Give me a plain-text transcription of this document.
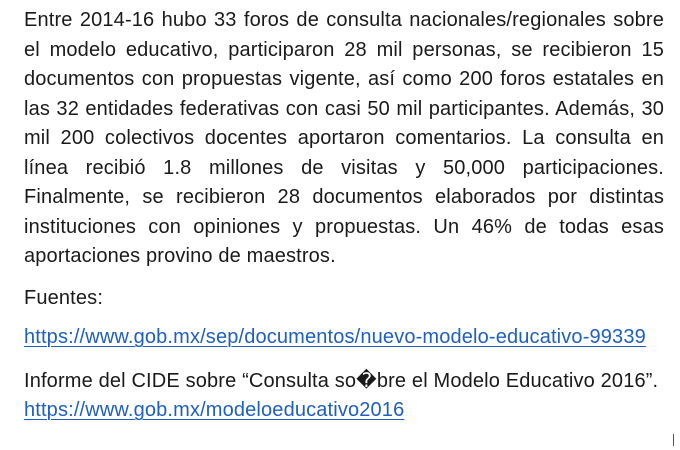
Entre 2014-16 hubo 33 foros de consulta nacionales/regionales sobre el modelo educativo, participaron 28 mil personas, se recibieron 15 documentos con propuestas vigente, así como 200 foros estatales en las 32 entidades federativas con casi 50 mil participantes. Además, 30 mil 200 colectivos docentes aportaron comentarios. La consulta en línea recibió 1.8 millones de visitas y 50,000 participaciones. Finalmente, se recibieron 28 documentos elaborados por distintas instituciones con opiniones y propuestas. Un 46% de todas esas aportaciones provino de maestros.

Fuentes:

https://www.gob.mx/sep/documentos/nuevo-modelo-educativo-99339

Informe del CIDE sobre “Consulta so�bre el Modelo Educativo 2016”.  https://www.gob.mx/modeloeducativo2016
